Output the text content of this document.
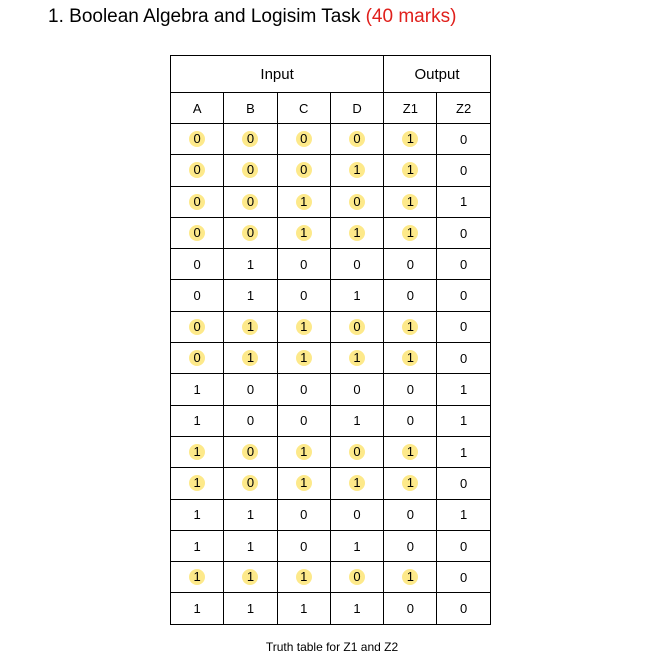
1. Boolean Algebra and Logisim Task (40 marks)
Input				Output	
A	B	C	D	Z1	Z2
0	0	0	0	1	0
0	0	0	1	1	0
0	0	1	0	1	1
0	0	1	1	1	0
0	1	0	0	0	0
0	1	0	1	0	0
0	1	1	0	1	0
0	1	1	1	1	0
1	0	0	0	0	1
1	0	0	1	0	1
1	0	1	0	1	1
1	0	1	1	1	0
1	1	0	0	0	1
1	1	0	1	0	0
1	1	1	0	1	0
1	1	1	1	0	0
Truth table for Z1 and Z2
